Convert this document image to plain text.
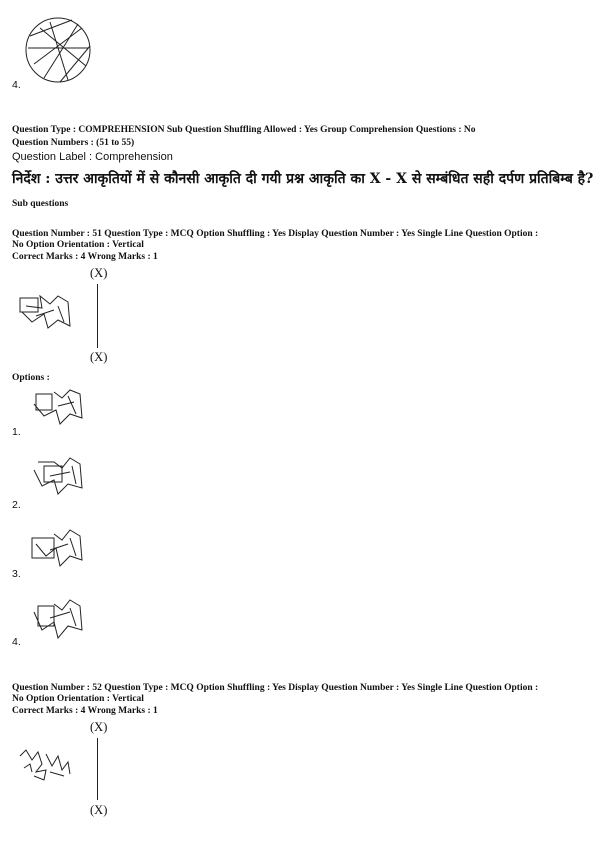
4.
Question Type : COMPREHENSION Sub Question Shuffling Allowed : Yes Group Comprehension Questions : No
Question Numbers : (51 to 55)
Question Label : Comprehension
निर्देश : उत्तर आकृतियों में से कौनसी आकृति दी गयी प्रश्न आकृति का X - X से सम्बंधित सही दर्पण प्रतिबिम्ब है?
Sub questions
Question Number : 51 Question Type : MCQ Option Shuffling : Yes Display Question Number : Yes Single Line Question Option :
No Option Orientation : Vertical
Correct Marks : 4 Wrong Marks : 1
(X)
(X)
Options :
1.
2.
3.
4.
Question Number : 52 Question Type : MCQ Option Shuffling : Yes Display Question Number : Yes Single Line Question Option :
No Option Orientation : Vertical
Correct Marks : 4 Wrong Marks : 1
(X)
(X)
